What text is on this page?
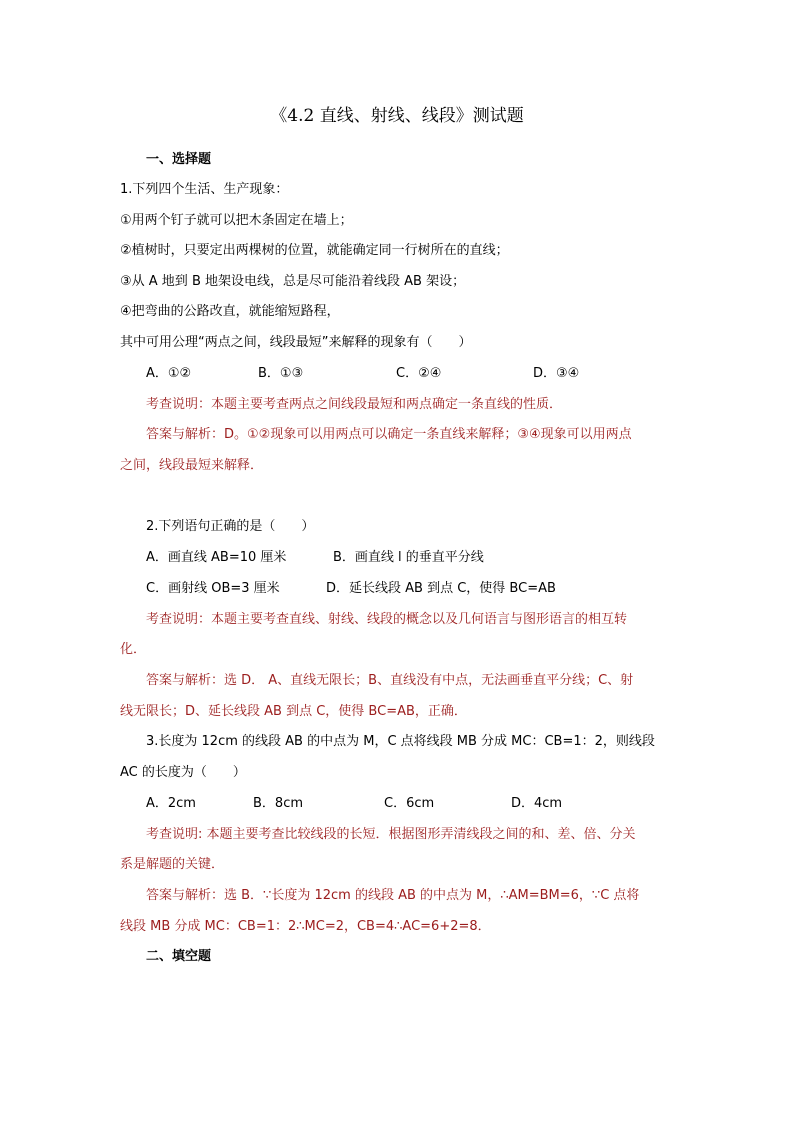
《4.2 直线、射线、线段》测试题
一、选择题
1.下列四个生活、生产现象：
①用两个钉子就可以把木条固定在墙上；
②植树时，只要定出两棵树的位置，就能确定同一行树所在的直线；
③从 A 地到 B 地架设电线，总是尽可能沿着线段 AB 架设；
④把弯曲的公路改直，就能缩短路程，
其中可用公理“两点之间，线段最短”来解释的现象有（　　）
A．①②	B．①③	C．②④	D．③④
考查说明：本题主要考查两点之间线段最短和两点确定一条直线的性质．
答案与解析：D。①②现象可以用两点可以确定一条直线来解释；③④现象可以用两点
之间，线段最短来解释．
2.下列语句正确的是（　　）
A．画直线 AB=10 厘米	B．画直线 l 的垂直平分线
C．画射线 OB=3 厘米	D．延长线段 AB 到点 C，使得 BC=AB
考查说明：本题主要考查直线、射线、线段的概念以及几何语言与图形语言的相互转
化．
答案与解析：选 D． A、直线无限长；B、直线没有中点，无法画垂直平分线；C、射
线无限长；D、延长线段 AB 到点 C，使得 BC=AB，正确．
3.长度为 12cm 的线段 AB 的中点为 M，C 点将线段 MB 分成 MC：CB=1：2，则线段
AC 的长度为（　　）
A．2cm	B．8cm	C．6cm	D．4cm
考查说明: 本题主要考查比较线段的长短．根据图形弄清线段之间的和、差、倍、分关
系是解题的关键．
答案与解析：选 B．∵长度为 12cm 的线段 AB 的中点为 M，∴AM=BM=6，∵C 点将
线段 MB 分成 MC：CB=1：2∴MC=2，CB=4∴AC=6+2=8．
二、填空题
